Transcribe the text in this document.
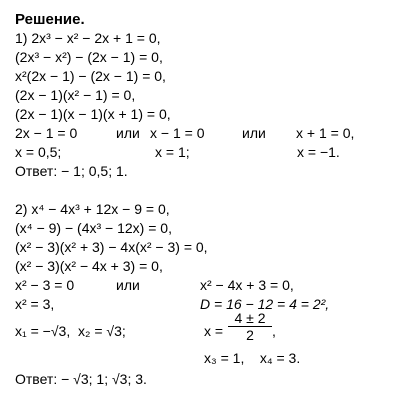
Решение.
1) 2x³ − x² − 2x + 1 = 0,
(2x³ − x²) − (2x − 1) = 0,
x²(2x − 1) − (2x − 1) = 0,
(2x − 1)(x² − 1) = 0,
(2x − 1)(x − 1)(x + 1) = 0,
2x − 1 = 0	или x − 1 = 0	или x + 1 = 0,
x = 0,5;	x = 1;	x = −1.
Ответ: − 1; 0,5; 1.
2) x⁴ − 4x³ + 12x − 9 = 0,
(x⁴ − 9) − (4x³ − 12x) = 0,
(x² − 3)(x² + 3) − 4x(x² − 3) = 0,
(x² − 3)(x² − 4x + 3) = 0,
x² − 3 = 0	или	x² − 4x + 3 = 0,
x² = 3,	D = 16 − 12 = 4 = 2²,
x₁ = −√3,  x₂ = √3;	$x = \frac{4 \pm 2}{2}$ ,
x₃ = 1,    x₄ = 3.
Ответ: − √3; 1; √3; 3.
